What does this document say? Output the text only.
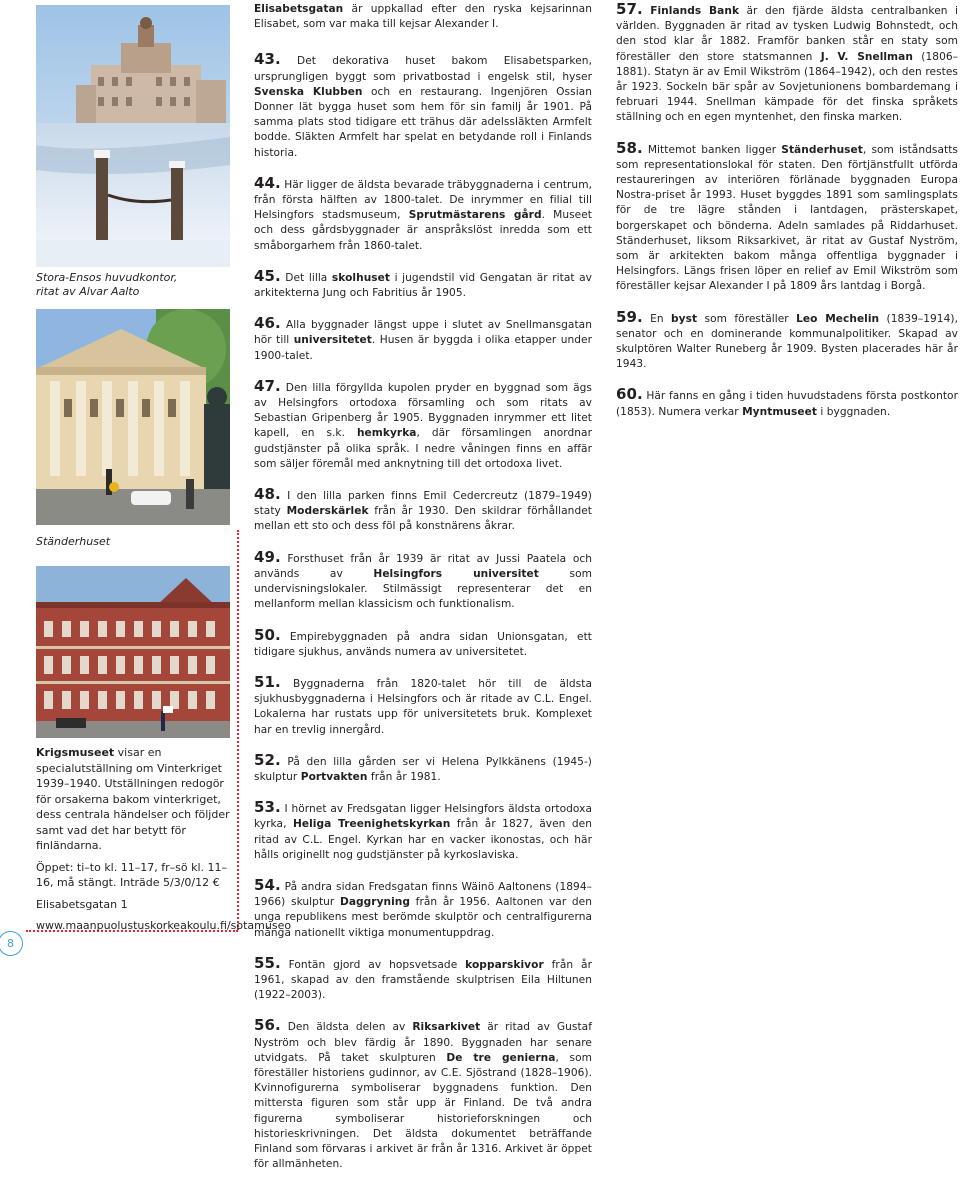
Stora-Ensos huvudkontor, ritat av Alvar Aalto
Ständerhuset

Krigsmuseet visar en specialutställning om Vinterkriget 1939–1940. Utställningen redogör för orsakerna bakom vinterkriget, dess centrala händelser och följder samt vad det har betytt för finländarna.

Öppet: ti–to kl. 11–17, fr–sö kl. 11–16, må stängt. Inträde 5/3/0/12 €

Elisabetsgatan 1

www.maanpuolustuskorkeakoulu.fi/sotamuseo

8

Elisabetsgatan är uppkallad efter den ryska kejsarinnan Elisabet, som var maka till kejsar Alexander I.

43. Det dekorativa huset bakom Elisabetsparken, ursprungligen byggt som privatbostad i engelsk stil, hyser Svenska Klubben och en restaurang. Ingenjören Ossian Donner lät bygga huset som hem för sin familj år 1901. På samma plats stod tidigare ett trähus där adelssläkten Armfelt bodde. Släkten Armfelt har spelat en betydande roll i Finlands historia.

44. Här ligger de äldsta bevarade träbyggnaderna i centrum, från första hälften av 1800-talet. De inrymmer en filial till Helsingfors stadsmuseum, Sprutmästarens gård. Museet och dess gårdsbyggnader är anspråkslöst inredda som ett småborgarhem från 1860-talet.

45. Det lilla skolhuset i jugendstil vid Gengatan är ritat av arkitekterna Jung och Fabritius år 1905.

46. Alla byggnader längst uppe i slutet av Snellmansgatan hör till universitetet. Husen är byggda i olika etapper under 1900-talet.

47. Den lilla förgyllda kupolen pryder en byggnad som ägs av Helsingfors ortodoxa församling och som ritats av Sebastian Gripenberg år 1905. Byggnaden inrymmer ett litet kapell, en s.k. hemkyrka, där församlingen anordnar gudstjänster på olika språk. I nedre våningen finns en affär som säljer föremål med anknytning till det ortodoxa livet.

48. I den lilla parken finns Emil Cedercreutz (1879–1949) staty Moderskärlek från år 1930. Den skildrar förhållandet mellan ett sto och dess föl på konstnärens åkrar.

49. Forsthuset från år 1939 är ritat av Jussi Paatela och används av Helsingfors universitet som undervisningslokaler. Stilmässigt representerar det en mellanform mellan klassicism och funktionalism.

50. Empirebyggnaden på andra sidan Unionsgatan, ett tidigare sjukhus, används numera av universitetet.

51. Byggnaderna från 1820-talet hör till de äldsta sjukhusbyggnaderna i Helsingfors och är ritade av C.L. Engel. Lokalerna har rustats upp för universitetets bruk. Komplexet har en trevlig innergård.

52. På den lilla gården ser vi Helena Pylkkänens (1945-) skulptur Portvakten från år 1981.

53. I hörnet av Fredsgatan ligger Helsingfors äldsta ortodoxa kyrka, Heliga Treenighetskyrkan från år 1827, även den ritad av C.L. Engel. Kyrkan har en vacker ikonostas, och här hålls originellt nog gudstjänster på kyrkoslaviska.

54. På andra sidan Fredsgatan finns Wäinö Aaltonens (1894–1966) skulptur Daggryning från år 1956. Aaltonen var den unga republikens mest berömde skulptör och centralfigurerna många nationellt viktiga monumentuppdrag.

55. Fontän gjord av hopsvetsade kopparskivor från år 1961, skapad av den framstående skulptrisen Eila Hiltunen (1922–2003).

56. Den äldsta delen av Riksarkivet är ritad av Gustaf Nyström och blev färdig år 1890. Byggnaden har senare utvidgats. På taket skulpturen De tre genierna, som föreställer historiens gudinnor, av C.E. Sjöstrand (1828–1906). Kvinnofigurerna symboliserar byggnadens funktion. Den mittersta figuren som står upp är Finland. De två andra figurerna symboliserar historieforskningen och historieskrivningen. Det äldsta dokumentet beträffande Finland som förvaras i arkivet är från år 1316. Arkivet är öppet för allmänheten.

57. Finlands Bank är den fjärde äldsta centralbanken i världen. Byggnaden är ritad av tysken Ludwig Bohnstedt, och den stod klar år 1882. Framför banken står en staty som föreställer den store statsmannen J. V. Snellman (1806–1881). Statyn är av Emil Wikström (1864–1942), och den restes år 1923. Sockeln bär spår av Sovjetunionens bombardemang i februari 1944. Snellman kämpade för det finska språkets ställning och en egen myntenhet, den finska marken.

58. Mittemot banken ligger Ständerhuset, som iståndsatts som representationslokal för staten. Den förtjänstfullt utförda restaureringen av interiören förlänade byggnaden Europa Nostra-priset år 1993. Huset byggdes 1891 som samlingsplats för de tre lägre stånden i lantdagen, prästerskapet, borgerskapet och bönderna. Adeln samlades på Riddarhuset. Ständerhuset, liksom Riksarkivet, är ritat av Gustaf Nyström, som är arkitekten bakom många offentliga byggnader i Helsingfors. Längs frisen löper en relief av Emil Wikström som föreställer kejsar Alexander I på 1809 års lantdag i Borgå.

59. En byst som föreställer Leo Mechelin (1839–1914), senator och en dominerande kommunalpolitiker. Skapad av skulptören Walter Runeberg år 1909. Bysten placerades här år 1943.

60. Här fanns en gång i tiden huvudstadens första postkontor (1853). Numera verkar Myntmuseet i byggnaden.
